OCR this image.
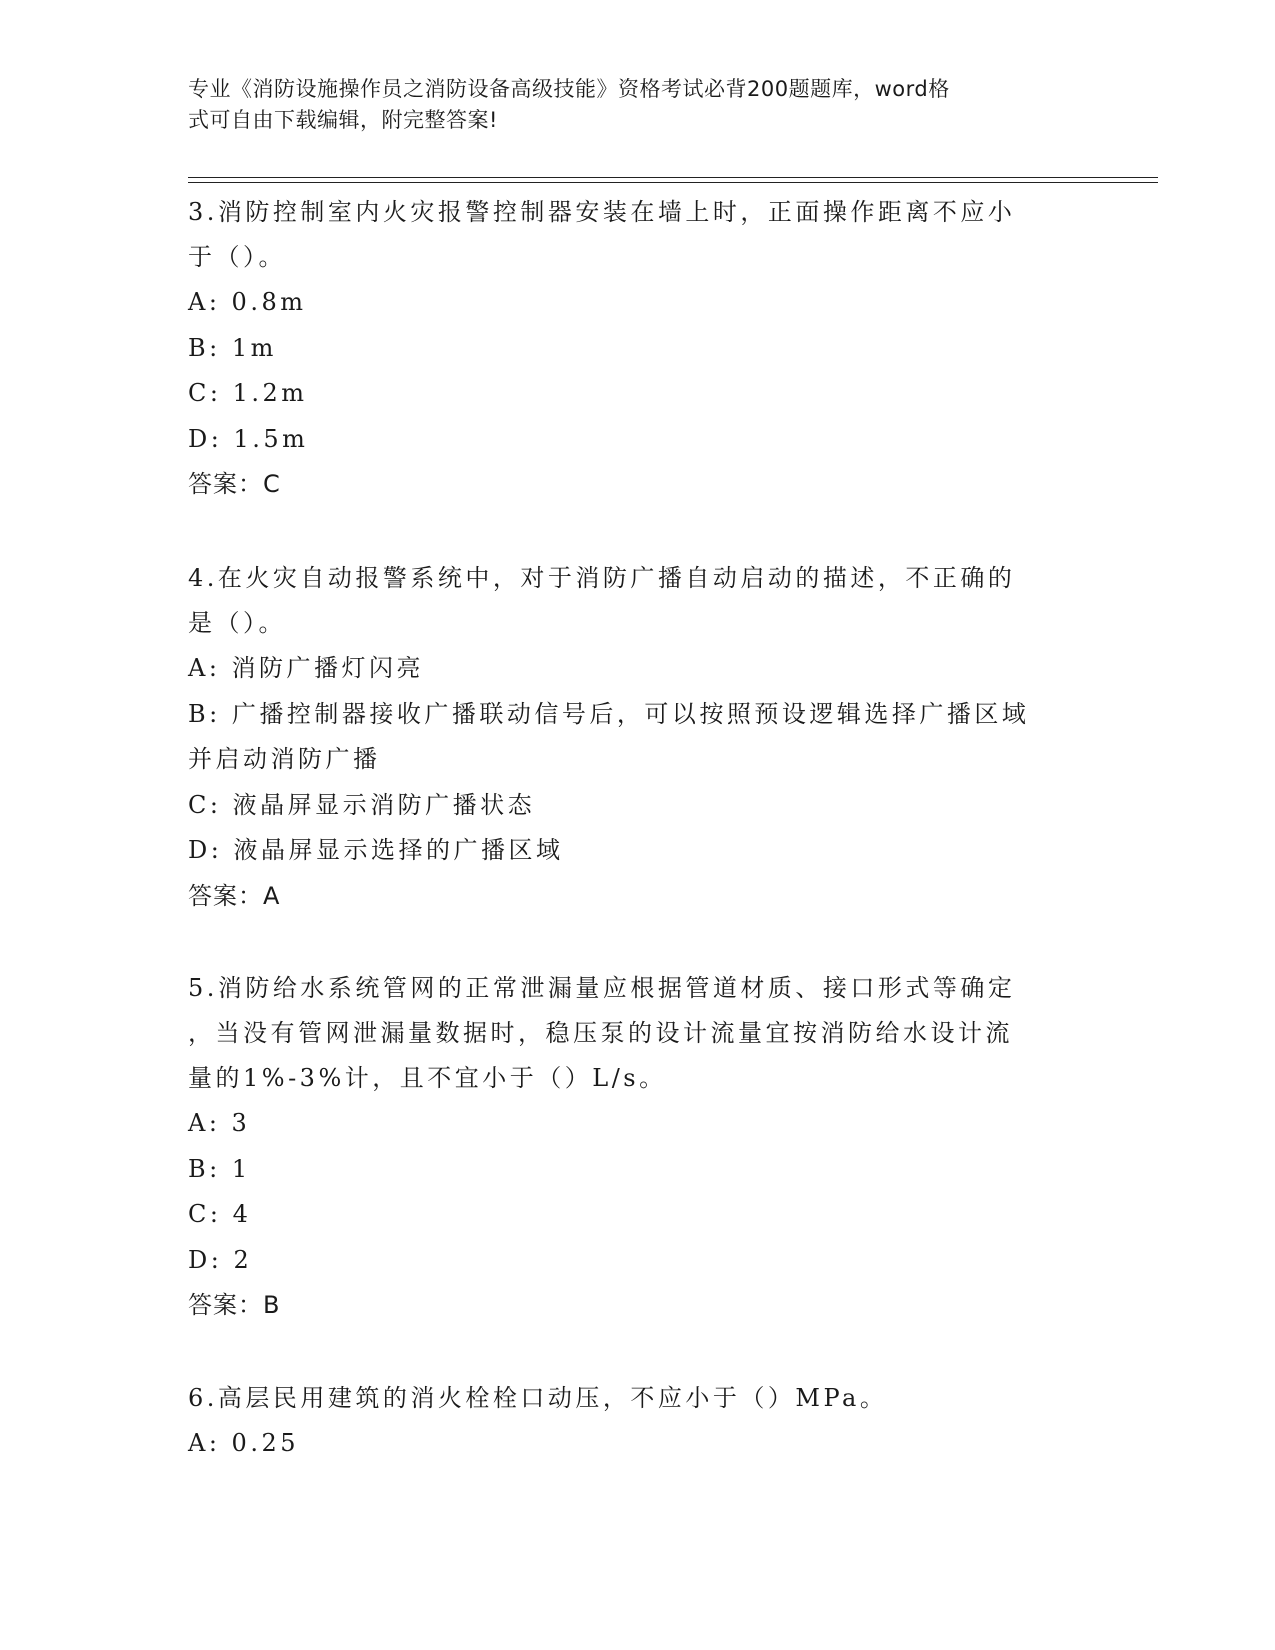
专业《消防设施操作员之消防设备高级技能》资格考试必背200题题库，word格
式可自由下载编辑，附完整答案!
3.消防控制室内火灾报警控制器安装在墙上时，正面操作距离不应小
于（）。
A: 0.8m
B: 1m
C: 1.2m
D: 1.5m
答案：C
4.在火灾自动报警系统中，对于消防广播自动启动的描述，不正确的
是（）。
A: 消防广播灯闪亮
B: 广播控制器接收广播联动信号后，可以按照预设逻辑选择广播区域
并启动消防广播
C: 液晶屏显示消防广播状态
D: 液晶屏显示选择的广播区域
答案：A
5.消防给水系统管网的正常泄漏量应根据管道材质、接口形式等确定
，当没有管网泄漏量数据时，稳压泵的设计流量宜按消防给水设计流
量的1%-3%计，且不宜小于（）L/s。
A: 3
B: 1
C: 4
D: 2
答案：B
6.高层民用建筑的消火栓栓口动压，不应小于（）MPa。
A: 0.25
